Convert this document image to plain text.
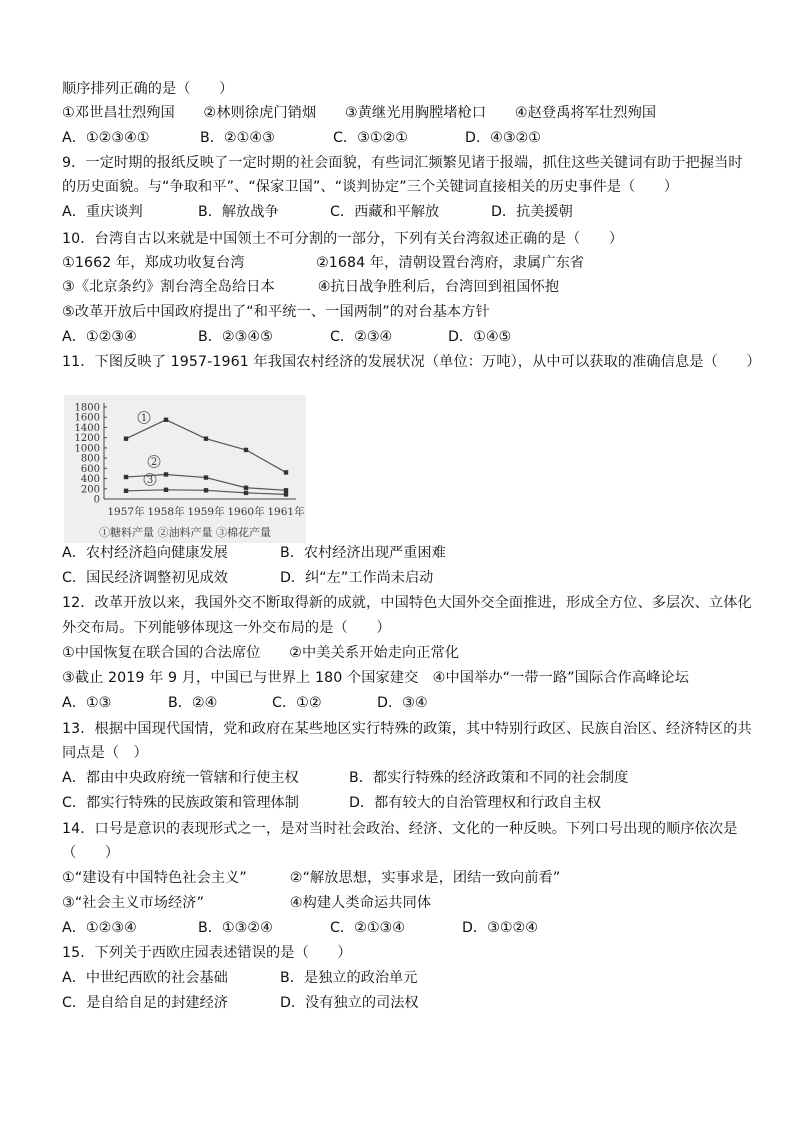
顺序排列正确的是（　　）
①邓世昌壮烈殉国　　②林则徐虎门销烟　　③黄继光用胸膛堵枪口　　④赵登禹将军壮烈殉国
9．一定时期的报纸反映了一定时期的社会面貌，有些词汇频繁见诸于报端，抓住这些关键词有助于把握当时
的历史面貌。与“争取和平”、“保家卫国”、“谈判协定”三个关键词直接相关的历史事件是（　　）
10．台湾自古以来就是中国领土不可分割的一部分，下列有关台湾叙述正确的是（　　）
①1662 年，郑成功收复台湾　　　　　②1684 年，清朝设置台湾府，隶属广东省
③《北京条约》割台湾全岛给日本　　　④抗日战争胜利后，台湾回到祖国怀抱
⑤改革开放后中国政府提出了“和平统一、一国两制”的对台基本方针
11．下图反映了 1957-1961 年我国农村经济的发展状况（单位：万吨），从中可以获取的准确信息是（　　）
12．改革开放以来，我国外交不断取得新的成就，中国特色大国外交全面推进，形成全方位、多层次、立体化
外交布局。下列能够体现这一外交布局的是（　　）
①中国恢复在联合国的合法席位　　②中美关系开始走向正常化
③截止 2019 年 9 月，中国已与世界上 180 个国家建交　④中国举办“一带一路”国际合作高峰论坛
13．根据中国现代国情，党和政府在某些地区实行特殊的政策，其中特别行政区、民族自治区、经济特区的共
同点是（　）
14．口号是意识的表现形式之一，是对当时社会政治、经济、文化的一种反映。下列口号出现的顺序依次是
（　　）
①“建设有中国特色社会主义”　　　②“解放思想，实事求是，团结一致向前看”
③“社会主义市场经济”　　　　　　④构建人类命运共同体
15．下列关于西欧庄园表述错误的是（　　）
A．①②③④①	B．②①④③	C．③①②①	D．④③②①
A．重庆谈判	B．解放战争	C．西藏和平解放	D．抗美援朝
A．①②③④	B．②③④⑤	C．②③④	D．①④⑤
A．农村经济趋向健康发展	B．农村经济出现严重困难
C．国民经济调整初见成效	D．纠“左”工作尚未启动
A．①③	B．②④	C．①②	D．③④
A．都由中央政府统一管辖和行使主权	B．都实行特殊的经济政策和不同的社会制度
C．都实行特殊的民族政策和管理体制	D．都有较大的自治管理权和行政自主权
A．①②③④	B．①③②④	C．②①③④	D．③①②④
A．中世纪西欧的社会基础	B．是独立的政治单元
C．是自给自足的封建经济	D．没有独立的司法权
1800
1600
1400
1200
1000
800
600
400
200
0
1957年 1958年 1959年 1960年 1961年
1
2
3
①糖料产量 ②油料产量 ③棉花产量
